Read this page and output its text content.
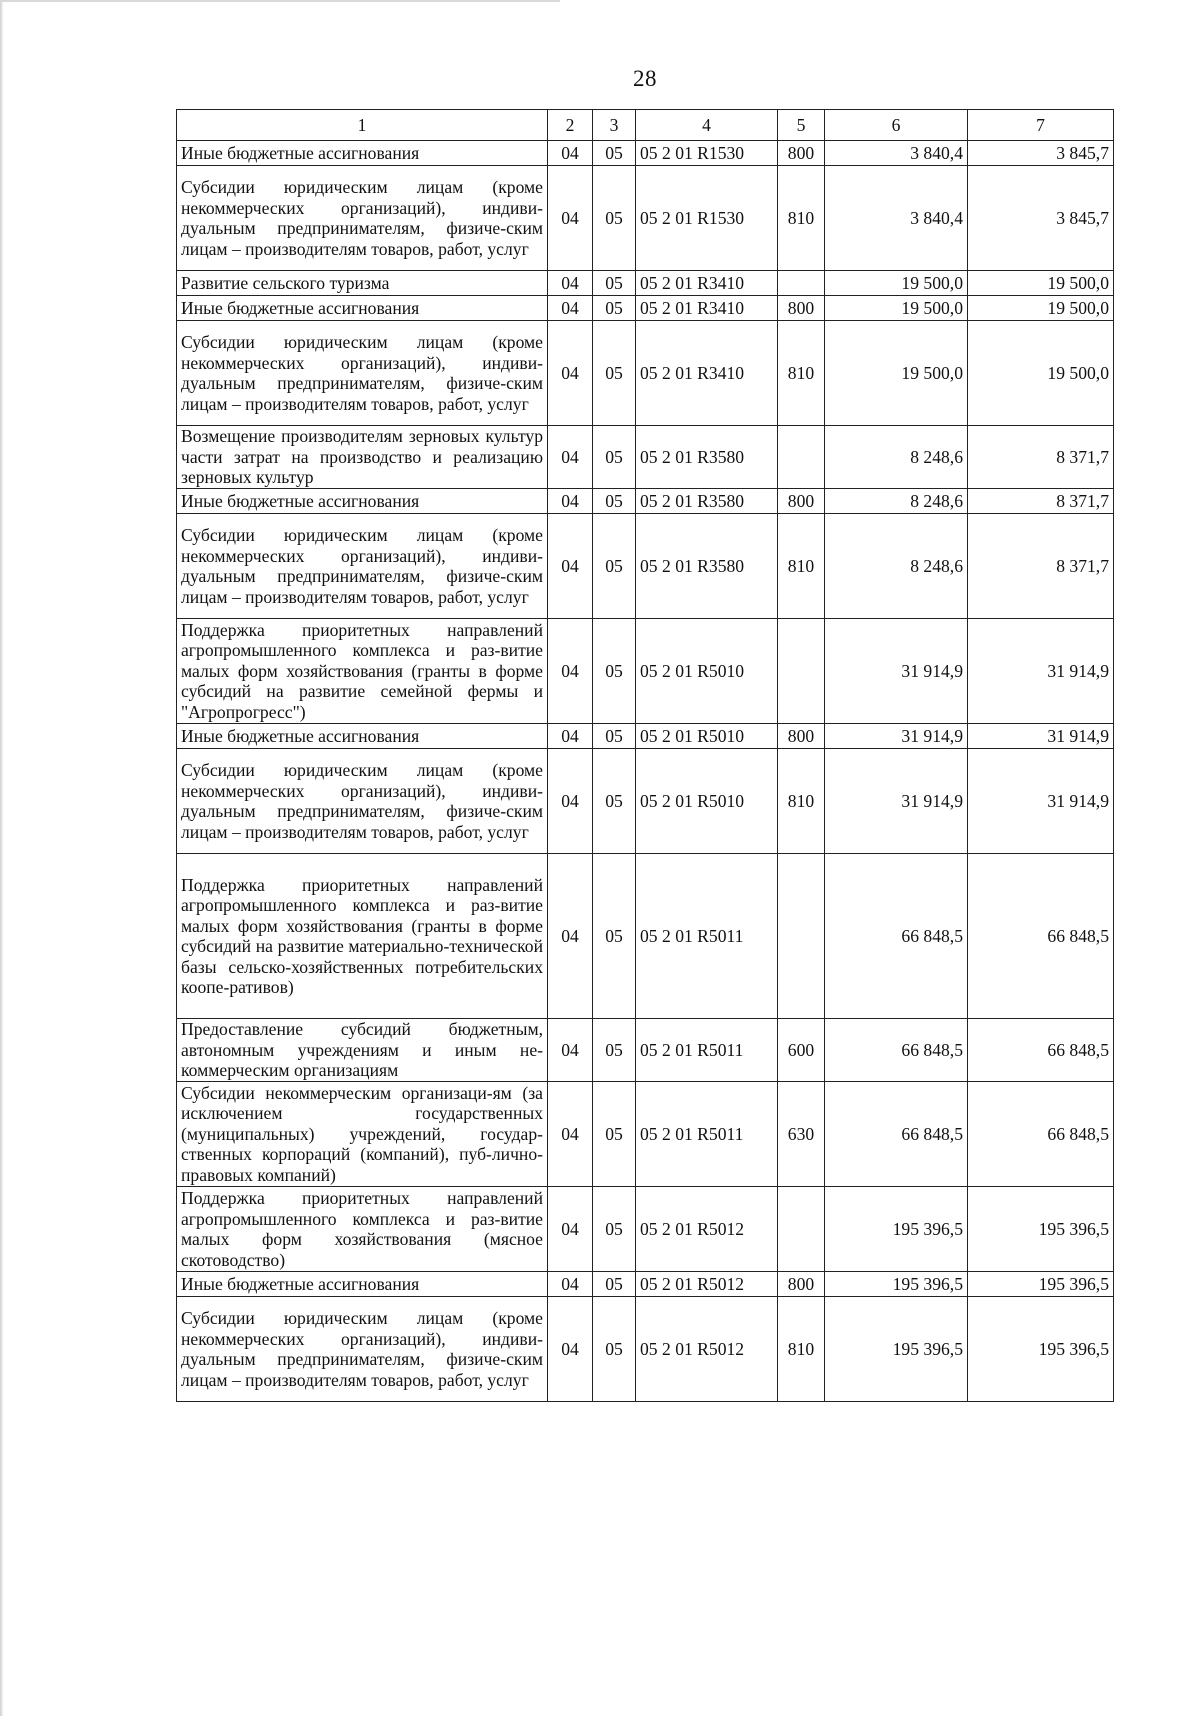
28
1	2	3	4	5	6	7
Иные бюджетные ассигнования	04	05	05 2 01 R1530	800	3 840,4	3 845,7
Субсидии юридическим лицам (кроме некоммерческих организаций), индиви-дуальным предпринимателям, физиче-ским лицам – производителям товаров, работ, услуг	04	05	05 2 01 R1530	810	3 840,4	3 845,7
Развитие сельского туризма	04	05	05 2 01 R3410		19 500,0	19 500,0
Иные бюджетные ассигнования	04	05	05 2 01 R3410	800	19 500,0	19 500,0
Субсидии юридическим лицам (кроме некоммерческих организаций), индиви-дуальным предпринимателям, физиче-ским лицам – производителям товаров, работ, услуг	04	05	05 2 01 R3410	810	19 500,0	19 500,0
Возмещение производителям зерновых культур части затрат на производство и реализацию зерновых культур	04	05	05 2 01 R3580		8 248,6	8 371,7
Иные бюджетные ассигнования	04	05	05 2 01 R3580	800	8 248,6	8 371,7
Субсидии юридическим лицам (кроме некоммерческих организаций), индиви-дуальным предпринимателям, физиче-ским лицам – производителям товаров, работ, услуг	04	05	05 2 01 R3580	810	8 248,6	8 371,7
Поддержка приоритетных направлений агропромышленного комплекса и раз-витие малых форм хозяйствования (гранты в форме субсидий на развитие семейной фермы и "Агропрогресс")	04	05	05 2 01 R5010		31 914,9	31 914,9
Иные бюджетные ассигнования	04	05	05 2 01 R5010	800	31 914,9	31 914,9
Субсидии юридическим лицам (кроме некоммерческих организаций), индиви-дуальным предпринимателям, физиче-ским лицам – производителям товаров, работ, услуг	04	05	05 2 01 R5010	810	31 914,9	31 914,9
Поддержка приоритетных направлений агропромышленного комплекса и раз-витие малых форм хозяйствования (гранты в форме субсидий на развитие материально-технической базы сельско-хозяйственных потребительских коопе-ративов)	04	05	05 2 01 R5011		66 848,5	66 848,5
Предоставление субсидий бюджетным, автономным учреждениям и иным не-коммерческим организациям	04	05	05 2 01 R5011	600	66 848,5	66 848,5
Субсидии некоммерческим организаци-ям (за исключением государственных (муниципальных) учреждений, государ-ственных корпораций (компаний), пуб-лично-правовых компаний)	04	05	05 2 01 R5011	630	66 848,5	66 848,5
Поддержка приоритетных направлений агропромышленного комплекса и раз-витие малых форм хозяйствования (мясное скотоводство)	04	05	05 2 01 R5012		195 396,5	195 396,5
Иные бюджетные ассигнования	04	05	05 2 01 R5012	800	195 396,5	195 396,5
Субсидии юридическим лицам (кроме некоммерческих организаций), индиви-дуальным предпринимателям, физиче-ским лицам – производителям товаров, работ, услуг	04	05	05 2 01 R5012	810	195 396,5	195 396,5
